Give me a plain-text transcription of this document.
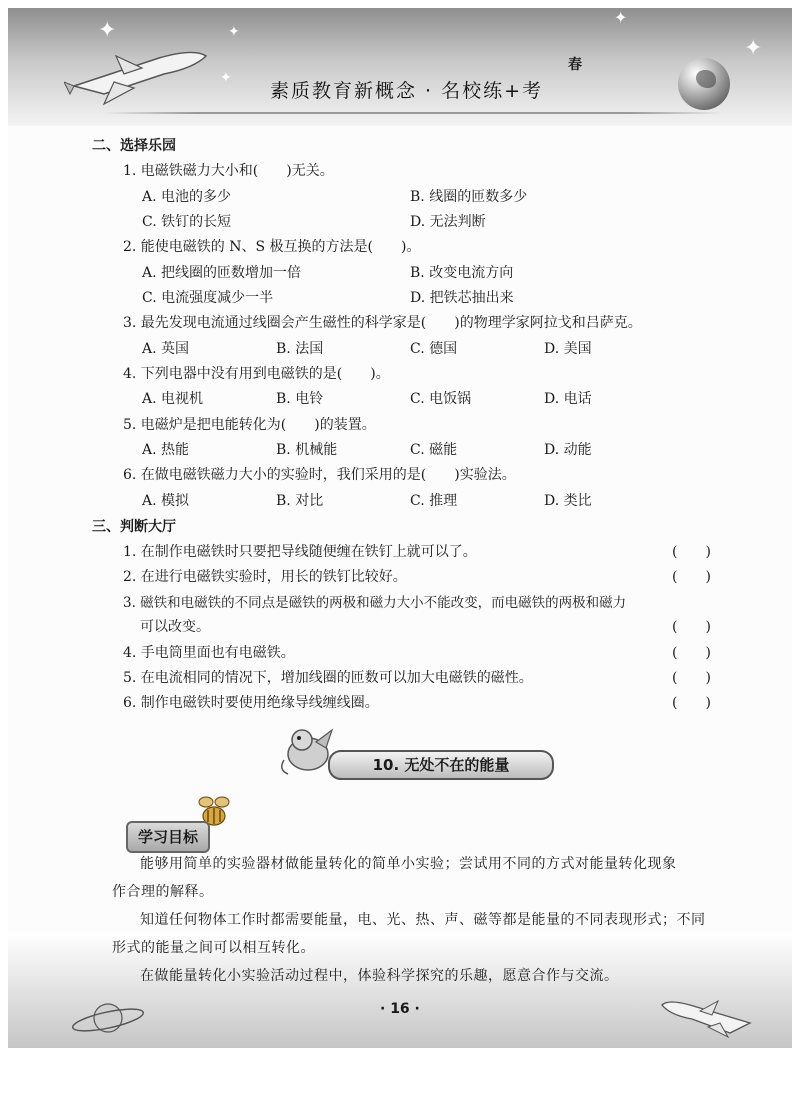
✦	✦
✦
✦
✦
素质教育新概念 · 名校练+考
春
二、选择乐园
1. 电磁铁磁力大小和(　　)无关。
A. 电池的多少	B. 线圈的匝数多少
C. 铁钉的长短	D. 无法判断
2. 能使电磁铁的 N、S 极互换的方法是(　　)。
A. 把线圈的匝数增加一倍	B. 改变电流方向
C. 电流强度减少一半	D. 把铁芯抽出来
3. 最先发现电流通过线圈会产生磁性的科学家是(　　)的物理学家阿拉戈和吕萨克。
A. 英国	B. 法国	C. 德国	D. 美国
4. 下列电器中没有用到电磁铁的是(　　)。
A. 电视机	B. 电铃	C. 电饭锅	D. 电话
5. 电磁炉是把电能转化为(　　)的装置。
A. 热能	B. 机械能	C. 磁能	D. 动能
6. 在做电磁铁磁力大小的实验时，我们采用的是(　　)实验法。
A. 模拟	B. 对比	C. 推理	D. 类比
三、判断大厅
1. 在制作电磁铁时只要把导线随便缠在铁钉上就可以了。	(　　)
2. 在进行电磁铁实验时，用长的铁钉比较好。	(　　)
3. 磁铁和电磁铁的不同点是磁铁的两极和磁力大小不能改变，而电磁铁的两极和磁力
可以改变。	(　　)
4. 手电筒里面也有电磁铁。	(　　)
5. 在电流相同的情况下，增加线圈的匝数可以加大电磁铁的磁性。	(　　)
6. 制作电磁铁时要使用绝缘导线缠线圈。	(　　)
10. 无处不在的能量
学习目标
能够用简单的实验器材做能量转化的简单小实验；尝试用不同的方式对能量转化现象
作合理的解释。
知道任何物体工作时都需要能量，电、光、热、声、磁等都是能量的不同表现形式；不同
形式的能量之间可以相互转化。
在做能量转化小实验活动过程中，体验科学探究的乐趣，愿意合作与交流。
· 16 ·
